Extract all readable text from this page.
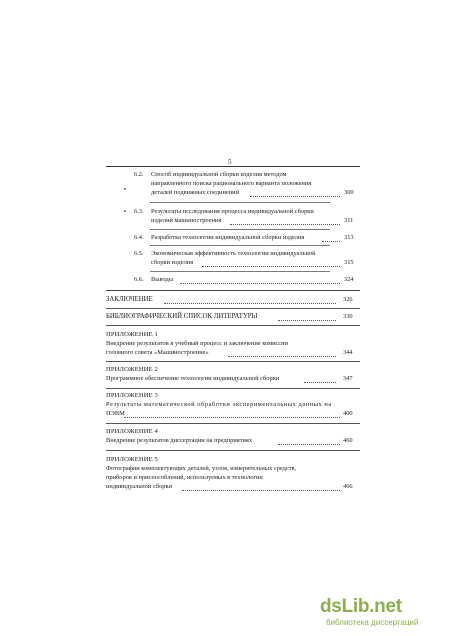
5
6.2. Способ индивидуальной сборки изделия методом
направленного поиска рационального варианта положения
деталей подвижных соединений	300
6.3. Результаты исследования процесса индивидуальной сборки
изделий машиностроения	311
6.4. Разработка технологии индивидуальной сборки изделия	313
6.5. Экономическая эффективность технологии индивидуальной
сборки изделия	315
6.6. Выводы	324
ЗАКЛЮЧЕНИЕ	326
БИБЛИОГРАФИЧЕСКИЙ СПИСОК ЛИТЕРАТУРЫ	330
ПРИЛОЖЕНИЕ 1
Внедрение результатов в учебный процесс и заключение комиссии
головного совета «Машиностроение»	344
ПРИЛОЖЕНИЕ 2
Программное обеспечение технологии индивидуальной сборки	347
ПРИЛОЖЕНИЕ 3
Результаты математической обработки экспериментальных данных на
ПЭВМ	400
ПРИЛОЖЕНИЕ 4
Внедрение результатов диссертации на предприятиях	460
ПРИЛОЖЕНИЕ 5
Фотографии комплектующих деталей, узлов, измерительных средств,
приборов и приспособлений, используемых в технологии
индивидуальной сборки	466
dsLib.net
библиотека диссертаций
